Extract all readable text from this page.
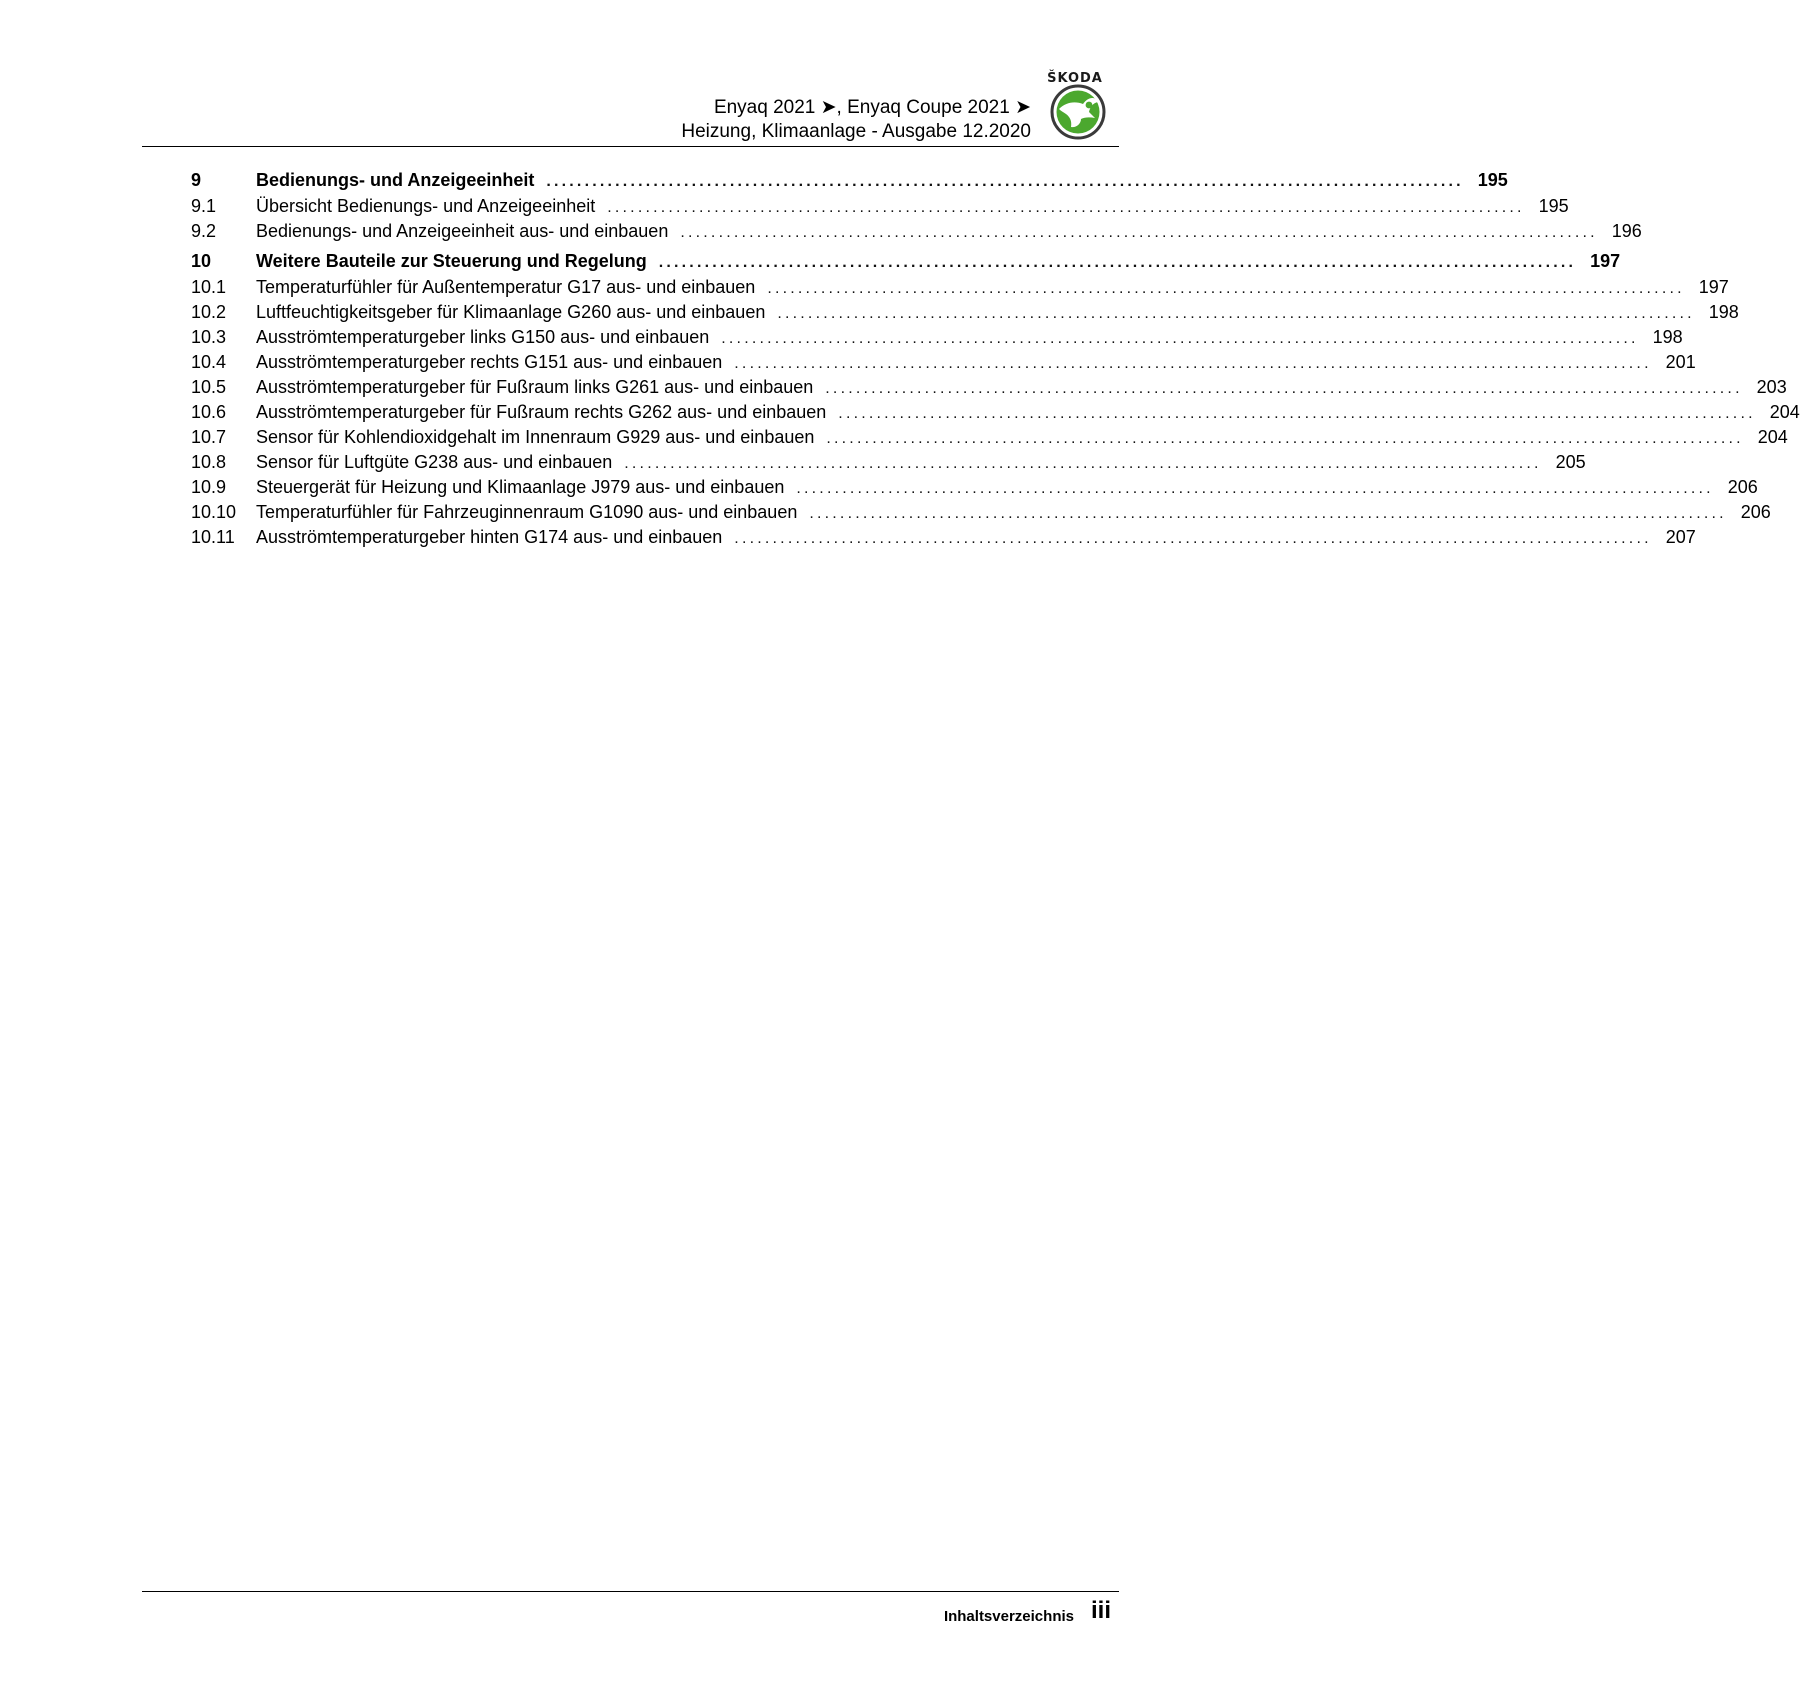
ŠKODA
Enyaq 2021 ➤, Enyaq Coupe 2021 ➤
Heizung, Klimaanlage - Ausgabe 12.2020
9	Bedienungs- und Anzeigeeinheit ........................................................................................................................ 195
9.1	Übersicht Bedienungs- und Anzeigeeinheit ........................................................................................................................ 195
9.2	Bedienungs- und Anzeigeeinheit aus- und einbauen ........................................................................................................................ 196
10	Weitere Bauteile zur Steuerung und Regelung ........................................................................................................................ 197
10.1	Temperaturfühler für Außentemperatur G17 aus- und einbauen ........................................................................................................................ 197
10.2	Luftfeuchtigkeitsgeber für Klimaanlage G260 aus- und einbauen ........................................................................................................................ 198
10.3	Ausströmtemperaturgeber links G150 aus- und einbauen ........................................................................................................................ 198
10.4	Ausströmtemperaturgeber rechts G151 aus- und einbauen ........................................................................................................................ 201
10.5	Ausströmtemperaturgeber für Fußraum links G261 aus- und einbauen ........................................................................................................................ 203
10.6	Ausströmtemperaturgeber für Fußraum rechts G262 aus- und einbauen ........................................................................................................................ 204
10.7	Sensor für Kohlendioxidgehalt im Innenraum G929 aus- und einbauen ........................................................................................................................ 204
10.8	Sensor für Luftgüte G238 aus- und einbauen ........................................................................................................................ 205
10.9	Steuergerät für Heizung und Klimaanlage J979 aus- und einbauen ........................................................................................................................ 206
10.10	Temperaturfühler für Fahrzeuginnenraum G1090 aus- und einbauen ........................................................................................................................ 206
10.11	Ausströmtemperaturgeber hinten G174 aus- und einbauen ........................................................................................................................ 207
Inhaltsverzeichnis iii
